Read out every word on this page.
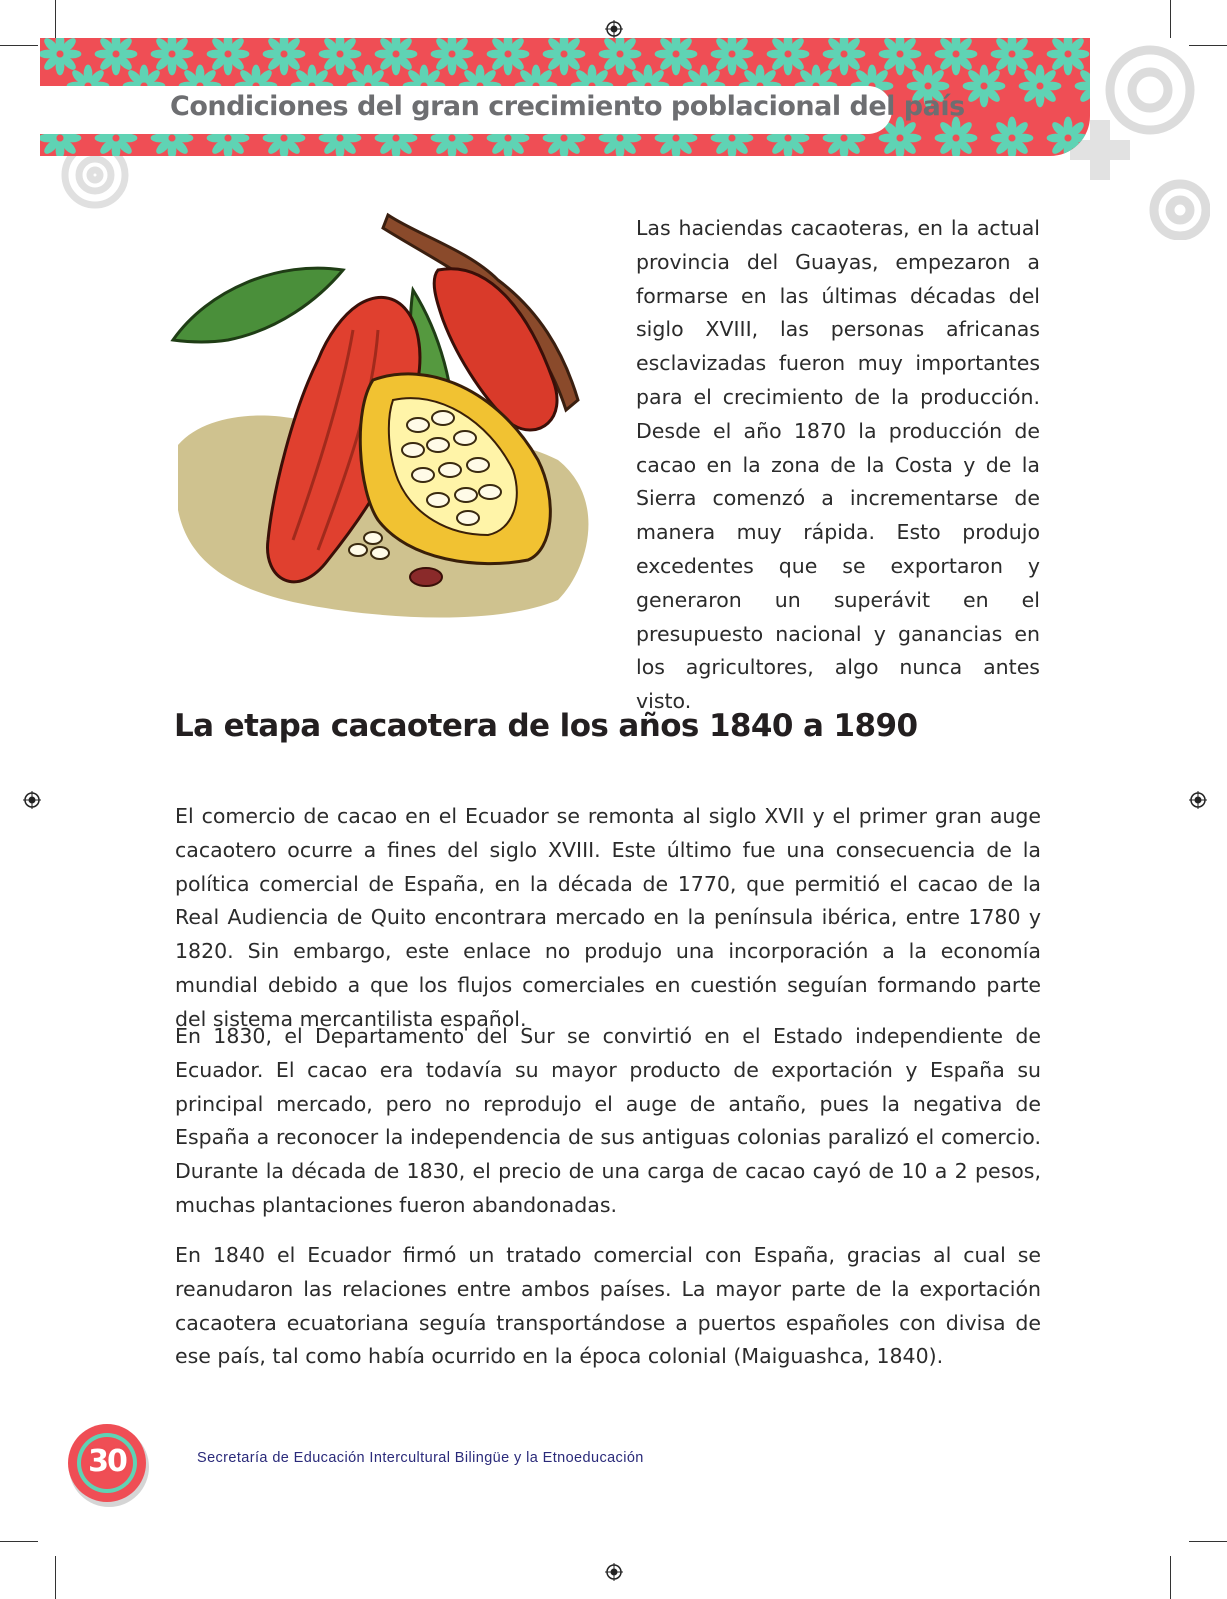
Condiciones del gran crecimiento poblacional del país

Las haciendas cacaoteras, en la actual provincia del Guayas, empezaron a formarse en las últimas décadas del siglo XVIII, las personas africanas esclavizadas fueron muy importantes para el crecimiento de la producción. Desde el año 1870 la producción de cacao en la zona de la Costa y de la Sierra comenzó a incrementarse de manera muy rápida. Esto produjo excedentes que se exportaron y generaron un superávit en el presupuesto nacional y ganancias en los agricultores, algo nunca antes visto.

La etapa cacaotera de los años 1840 a 1890

El comercio de cacao en el Ecuador se remonta al siglo XVII y el primer gran auge cacaotero ocurre a fines del siglo XVIII. Este último fue una consecuencia de la política comercial de España, en la década de 1770, que permitió el cacao de la Real Audiencia de Quito encontrara mercado en la península ibérica, entre 1780 y 1820. Sin embargo, este enlace no produjo una incorporación a la economía mundial debido a que los flujos comerciales en cuestión seguían formando parte del sistema mercantilista español.

En 1830, el Departamento del Sur se convirtió en el Estado independiente de Ecuador. El cacao era todavía su mayor producto de exportación y España su principal mercado, pero no reprodujo el auge de antaño, pues la negativa de España a reconocer la independencia de sus antiguas colonias paralizó el comercio. Durante la década de 1830, el precio de una carga de cacao cayó de 10 a 2 pesos, muchas plantaciones fueron abandonadas.

En 1840 el Ecuador firmó un tratado comercial con España, gracias al cual se reanudaron las relaciones entre ambos países. La mayor parte de la exportación cacaotera ecuatoriana seguía transportándose a puertos españoles con divisa de ese país, tal como había ocurrido en la época colonial (Maiguashca, 1840).

30	Secretaría de Educación Intercultural Bilingüe y la Etnoeducación
